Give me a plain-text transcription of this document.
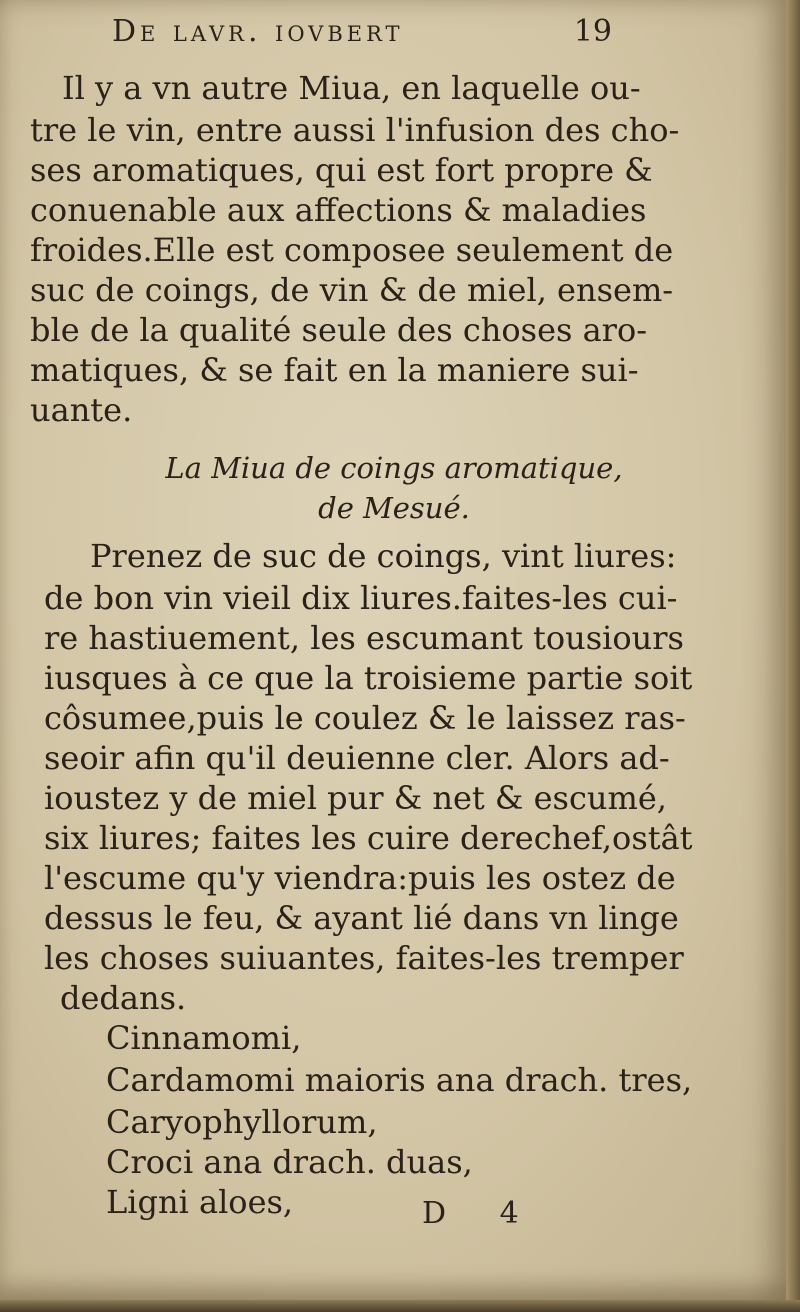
De lavr. iovbert	19
Il y a vn autre Miua, en laquelle ou-
tre le vin, entre aussi l'infusion des cho-
ses aromatiques, qui est fort propre &
conuenable aux affections & maladies
froides.Elle est composee seulement de
suc de coings, de vin & de miel, ensem-
ble de la qualité seule des choses aro-
matiques, & se fait en la maniere sui-
uante.
La Miua de coings aromatique,
de Mesué.
Prenez de suc de coings, vint liures:
de bon vin vieil dix liures.faites-les cui-
re hastiuement, les escumant tousiours
iusques à ce que la troisieme partie soit
côsumee,puis le coulez & le laissez ras-
seoir afin qu'il deuienne cler. Alors ad-
ioustez y de miel pur & net & escumé,
six liures; faites les cuire derechef,ostât
l'escume qu'y viendra:puis les ostez de
dessus le feu, & ayant lié dans vn linge
les choses suiuantes, faites-les tremper
dedans.
Cinnamomi,
Cardamomi maioris ana drach. tres,
Caryophyllorum,
Croci ana drach. duas,
Ligni aloes,	D 4
